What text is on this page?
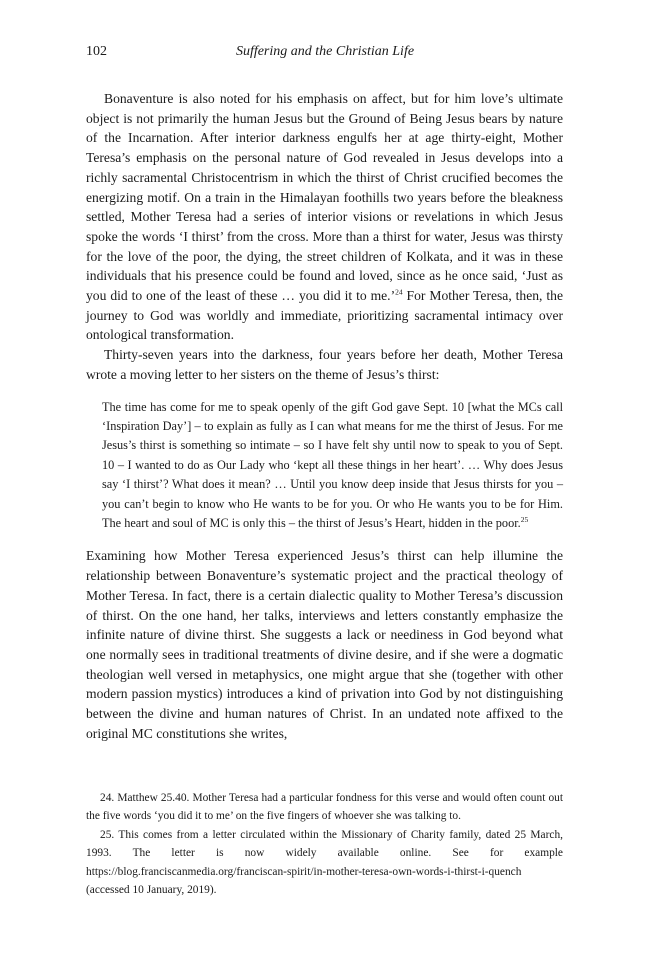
102	Suffering and the Christian Life

Bonaventure is also noted for his emphasis on affect, but for him love’s ultimate object is not primarily the human Jesus but the Ground of Being Jesus bears by nature of the Incarnation. After interior darkness engulfs her at age thirty-eight, Mother Teresa’s emphasis on the personal nature of God revealed in Jesus develops into a richly sacramental Christocentrism in which the thirst of Christ crucified becomes the energizing motif. On a train in the Himalayan foothills two years before the bleakness settled, Mother Teresa had a series of interior visions or revelations in which Jesus spoke the words ‘I thirst’ from the cross. More than a thirst for water, Jesus was thirsty for the love of the poor, the dying, the street children of Kolkata, and it was in these individuals that his presence could be found and loved, since as he once said, ‘Just as you did to one of the least of these … you did it to me.’$^{24}$ For Mother Teresa, then, the journey to God was worldly and immediate, prioritizing sacramental intimacy over ontological transformation.

Thirty-seven years into the darkness, four years before her death, Mother Teresa wrote a moving letter to her sisters on the theme of Jesus’s thirst:

The time has come for me to speak openly of the gift God gave Sept. 10 [what the MCs call ‘Inspiration Day’] – to explain as fully as I can what means for me the thirst of Jesus. For me Jesus’s thirst is something so intimate – so I have felt shy until now to speak to you of Sept. 10 – I wanted to do as Our Lady who ‘kept all these things in her heart’. … Why does Jesus say ‘I thirst’? What does it mean? … Until you know deep inside that Jesus thirsts for you – you can’t begin to know who He wants to be for you. Or who He wants you to be for Him. The heart and soul of MC is only this – the thirst of Jesus’s Heart, hidden in the poor.$^{25}$

Examining how Mother Teresa experienced Jesus’s thirst can help illumine the relationship between Bonaventure’s systematic project and the practical theology of Mother Teresa. In fact, there is a certain dialectic quality to Mother Teresa’s discussion of thirst. On the one hand, her talks, interviews and letters constantly emphasize the infinite nature of divine thirst. She suggests a lack or neediness in God beyond what one normally sees in traditional treatments of divine desire, and if she were a dogmatic theologian well versed in metaphysics, one might argue that she (together with other modern passion mystics) introduces a kind of privation into God by not distinguishing between the divine and human natures of Christ. In an undated note affixed to the original MC constitutions she writes,

24. Matthew 25.40. Mother Teresa had a particular fondness for this verse and would often count out the five words ‘you did it to me’ on the five fingers of whoever she was talking to.

25. This comes from a letter circulated within the Missionary of Charity family, dated 25 March, 1993. The letter is now widely available online. See for example https://blog.franciscanmedia.org/franciscan-spirit/in-mother-teresa-own-words-i-thirst-i-quench (accessed 10 January, 2019).
